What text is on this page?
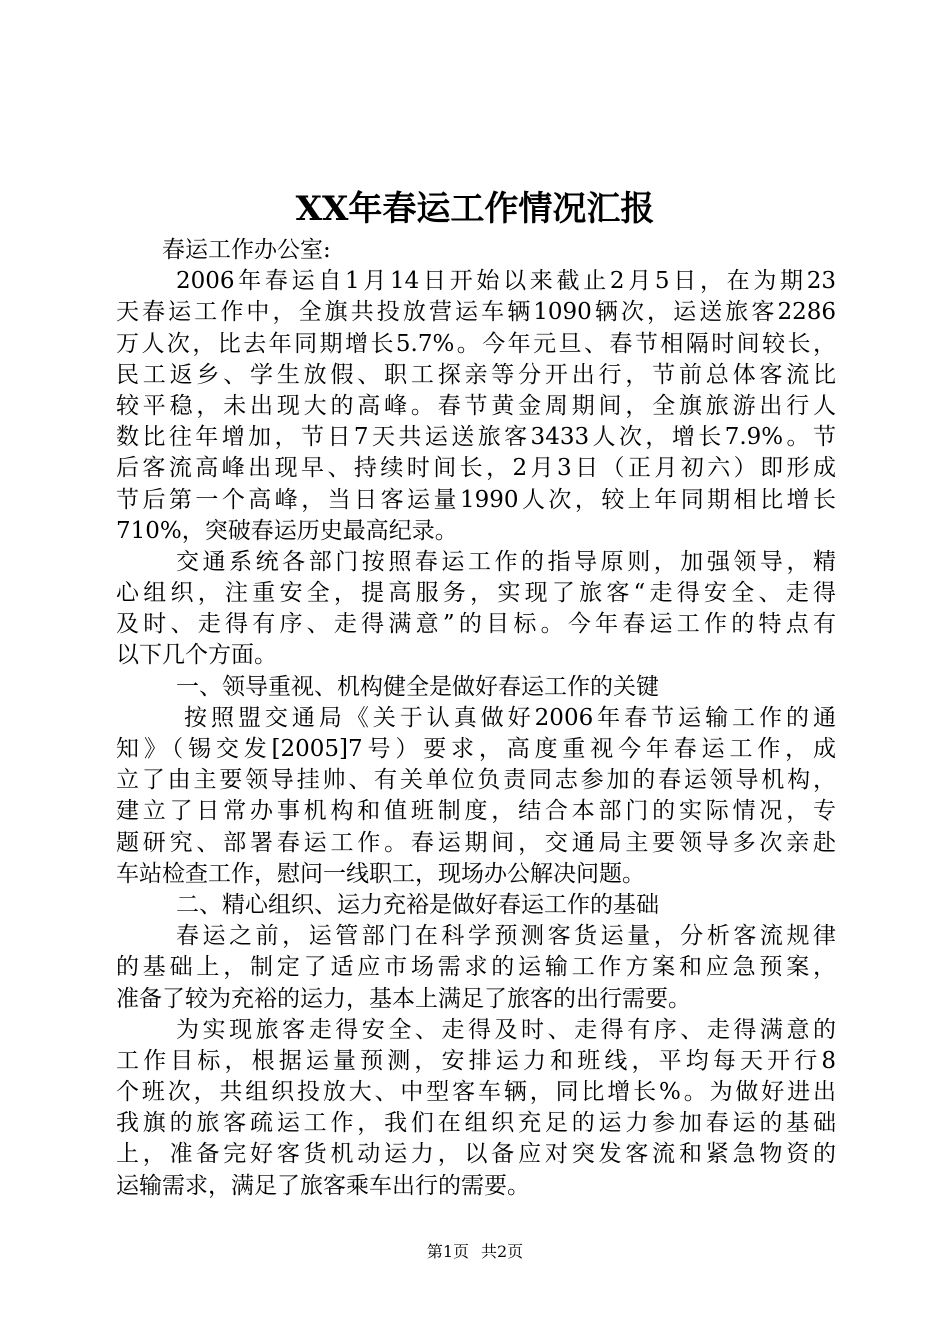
XX年春运工作情况汇报
春运工作办公室:
2006年春运自1月14日开始以来截止2月5日，在为期23
天春运工作中，全旗共投放营运车辆1090辆次，运送旅客2286
万人次，比去年同期增长5.7%。今年元旦、春节相隔时间较长，
民工返乡、学生放假、职工探亲等分开出行，节前总体客流比
较平稳，未出现大的高峰。春节黄金周期间，全旗旅游出行人
数比往年增加，节日7天共运送旅客3433人次，增长7.9%。节
后客流高峰出现早、持续时间长，2月3日（正月初六）即形成
节后第一个高峰，当日客运量1990人次，较上年同期相比增长
710%，突破春运历史最高纪录。
交通系统各部门按照春运工作的指导原则，加强领导，精
心组织，注重安全，提高服务，实现了旅客“走得安全、走得
及时、走得有序、走得满意”的目标。今年春运工作的特点有
以下几个方面。
一、领导重视、机构健全是做好春运工作的关键
按照盟交通局《关于认真做好2006年春节运输工作的通
知》（锡交发[2005]7号）要求，高度重视今年春运工作，成
立了由主要领导挂帅、有关单位负责同志参加的春运领导机构，
建立了日常办事机构和值班制度，结合本部门的实际情况，专
题研究、部署春运工作。春运期间，交通局主要领导多次亲赴
车站检查工作，慰问一线职工，现场办公解决问题。
二、精心组织、运力充裕是做好春运工作的基础
春运之前，运管部门在科学预测客货运量，分析客流规律
的基础上，制定了适应市场需求的运输工作方案和应急预案，
准备了较为充裕的运力，基本上满足了旅客的出行需要。
为实现旅客走得安全、走得及时、走得有序、走得满意的
工作目标，根据运量预测，安排运力和班线，平均每天开行8
个班次，共组织投放大、中型客车辆，同比增长%。为做好进出
我旗的旅客疏运工作，我们在组织充足的运力参加春运的基础
上，准备完好客货机动运力，以备应对突发客流和紧急物资的
运输需求，满足了旅客乘车出行的需要。
第1页 共2页
